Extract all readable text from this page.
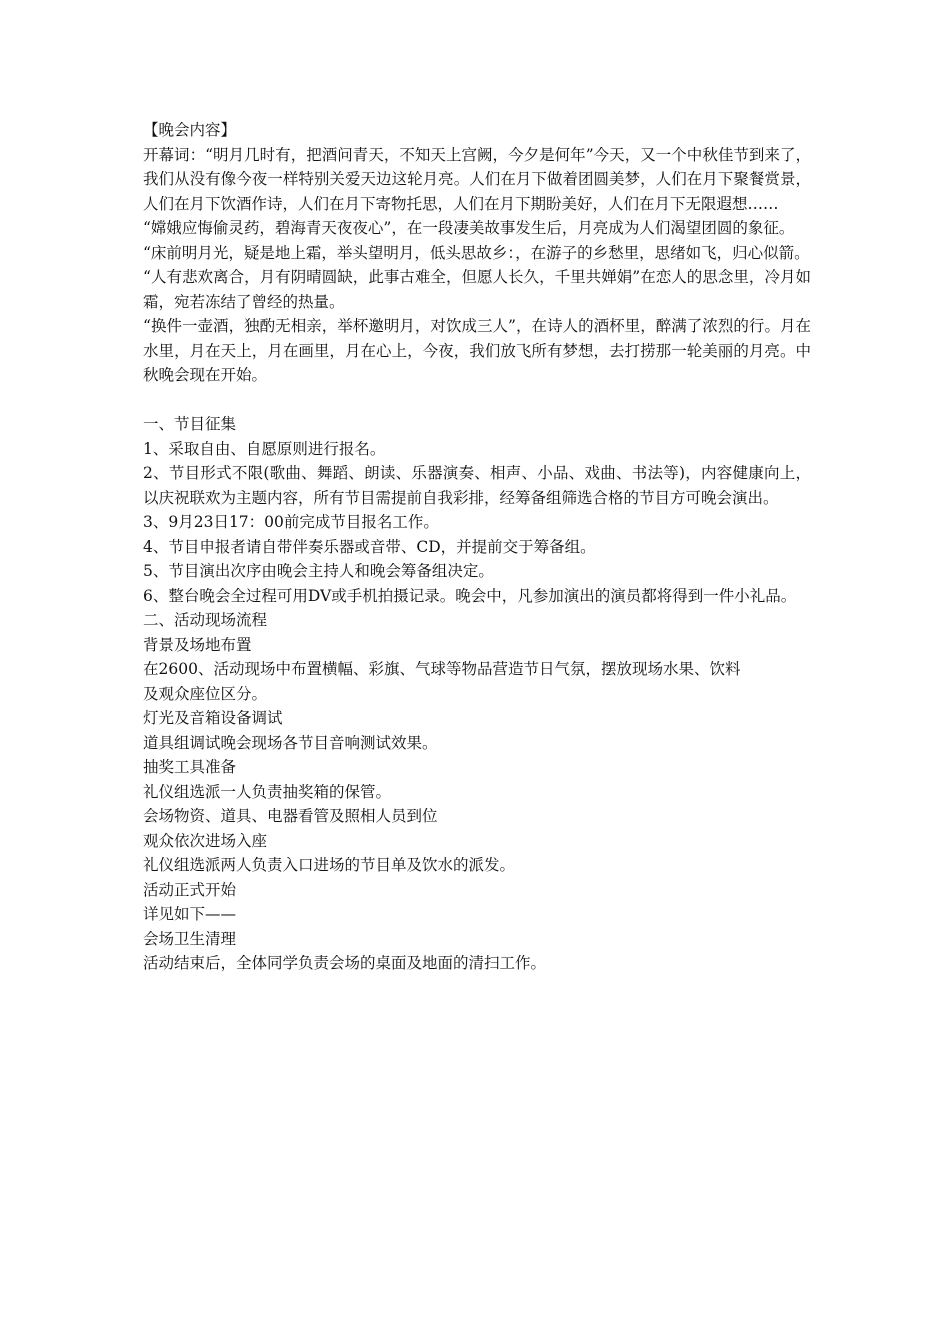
【晚会内容】

开幕词：“明月几时有，把酒问青天，不知天上宫阙，今夕是何年”今天，又一个中秋佳节到来了，我们从没有像今夜一样特别关爱天边这轮月亮。人们在月下做着团圆美梦，人们在月下聚餐赏景，人们在月下饮酒作诗，人们在月下寄物托思，人们在月下期盼美好，人们在月下无限遐想……

“嫦娥应悔偷灵药，碧海青天夜夜心”，在一段凄美故事发生后，月亮成为人们渴望团圆的象征。

“床前明月光，疑是地上霜，举头望明月，低头思故乡：，在游子的乡愁里，思绪如飞，归心似箭。

“人有悲欢离合，月有阴晴圆缺，此事古难全，但愿人长久，千里共婵娟”在恋人的思念里，冷月如霜，宛若冻结了曾经的热量。

“换件一壶酒，独酌无相亲，举杯邀明月，对饮成三人”，在诗人的酒杯里，醉满了浓烈的行。月在水里，月在天上，月在画里，月在心上，今夜，我们放飞所有梦想，去打捞那一轮美丽的月亮。中秋晚会现在开始。

一、节目征集

1、采取自由、自愿原则进行报名。

2、节目形式不限(歌曲、舞蹈、朗读、乐器演奏、相声、小品、戏曲、书法等)，内容健康向上，以庆祝联欢为主题内容，所有节目需提前自我彩排，经筹备组筛选合格的节目方可晚会演出。

3、9月23日17：00前完成节目报名工作。

4、节目申报者请自带伴奏乐器或音带、CD，并提前交于筹备组。

5、节目演出次序由晚会主持人和晚会筹备组决定。

6、整台晚会全过程可用DV或手机拍摄记录。晚会中，凡参加演出的演员都将得到一件小礼品。

二、活动现场流程

背景及场地布置

在2600、活动现场中布置横幅、彩旗、气球等物品营造节日气氛，摆放现场水果、饮料

及观众座位区分。

灯光及音箱设备调试

道具组调试晚会现场各节目音响测试效果。

抽奖工具准备

礼仪组选派一人负责抽奖箱的保管。

会场物资、道具、电器看管及照相人员到位

观众依次进场入座

礼仪组选派两人负责入口进场的节目单及饮水的派发。

活动正式开始

详见如下——

会场卫生清理

活动结束后，全体同学负责会场的桌面及地面的清扫工作。
